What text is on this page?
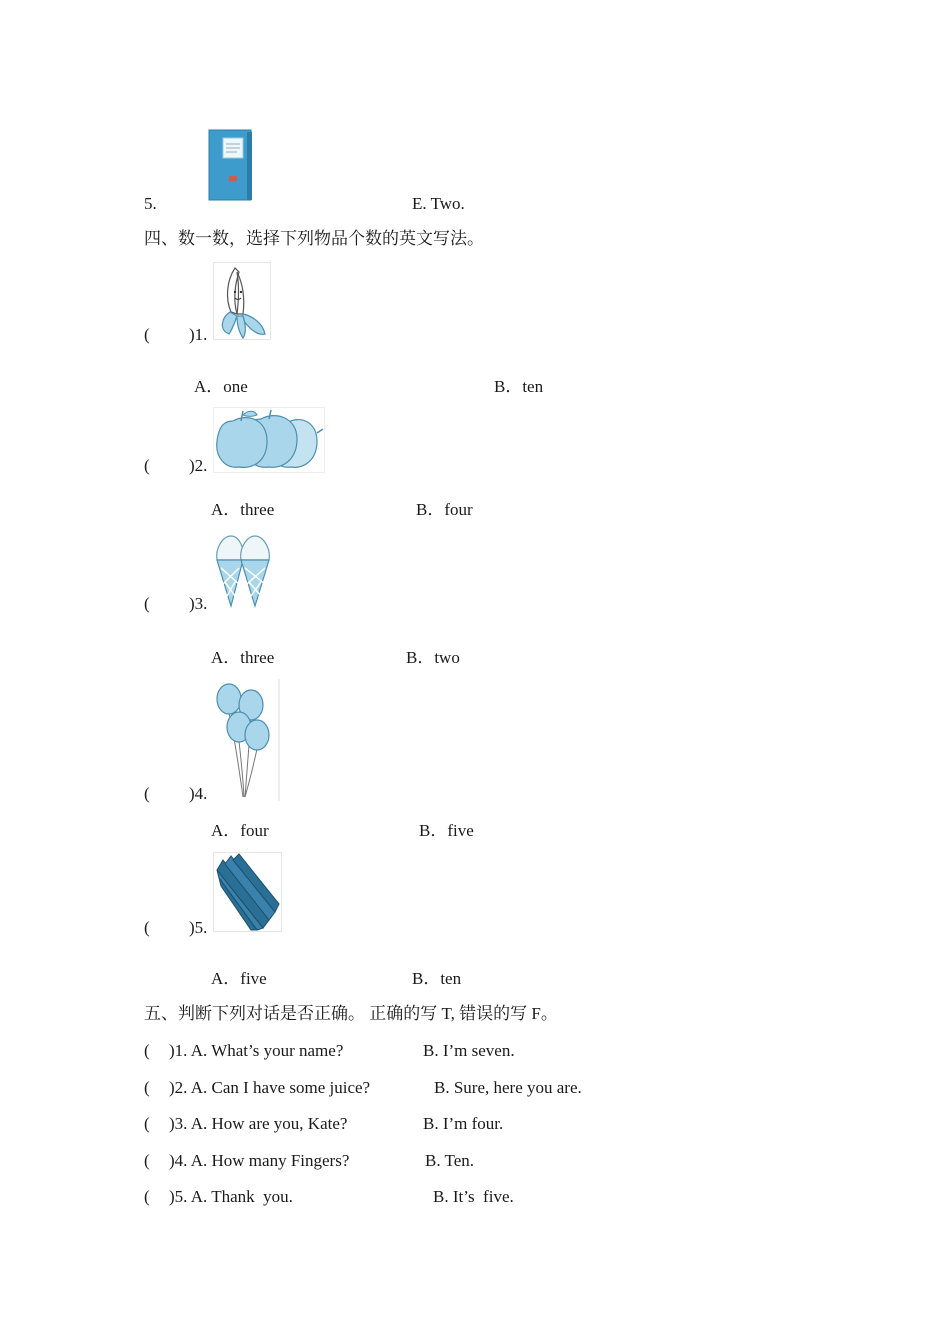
5.	E. Two.
四、数一数，选择下列物品个数的英文写法。
( )1.
A．one	B．ten
( )2.
A．three	B．four
( )3.
A．three	B．two
( )4.
A．four	B．five
( )5.
A．five	B．ten
五、判断下列对话是否正确。 正确的写 T, 错误的写 F。
( )1. A. What’s your name?	B. I’m seven.
( )2. A. Can I have some juice?	B. Sure, here you are.
( )3. A. How are you, Kate?	B. I’m four.
( )4. A. How many Fingers?	B. Ten.
( )5. A. Thank  you.	B. It’s  five.
